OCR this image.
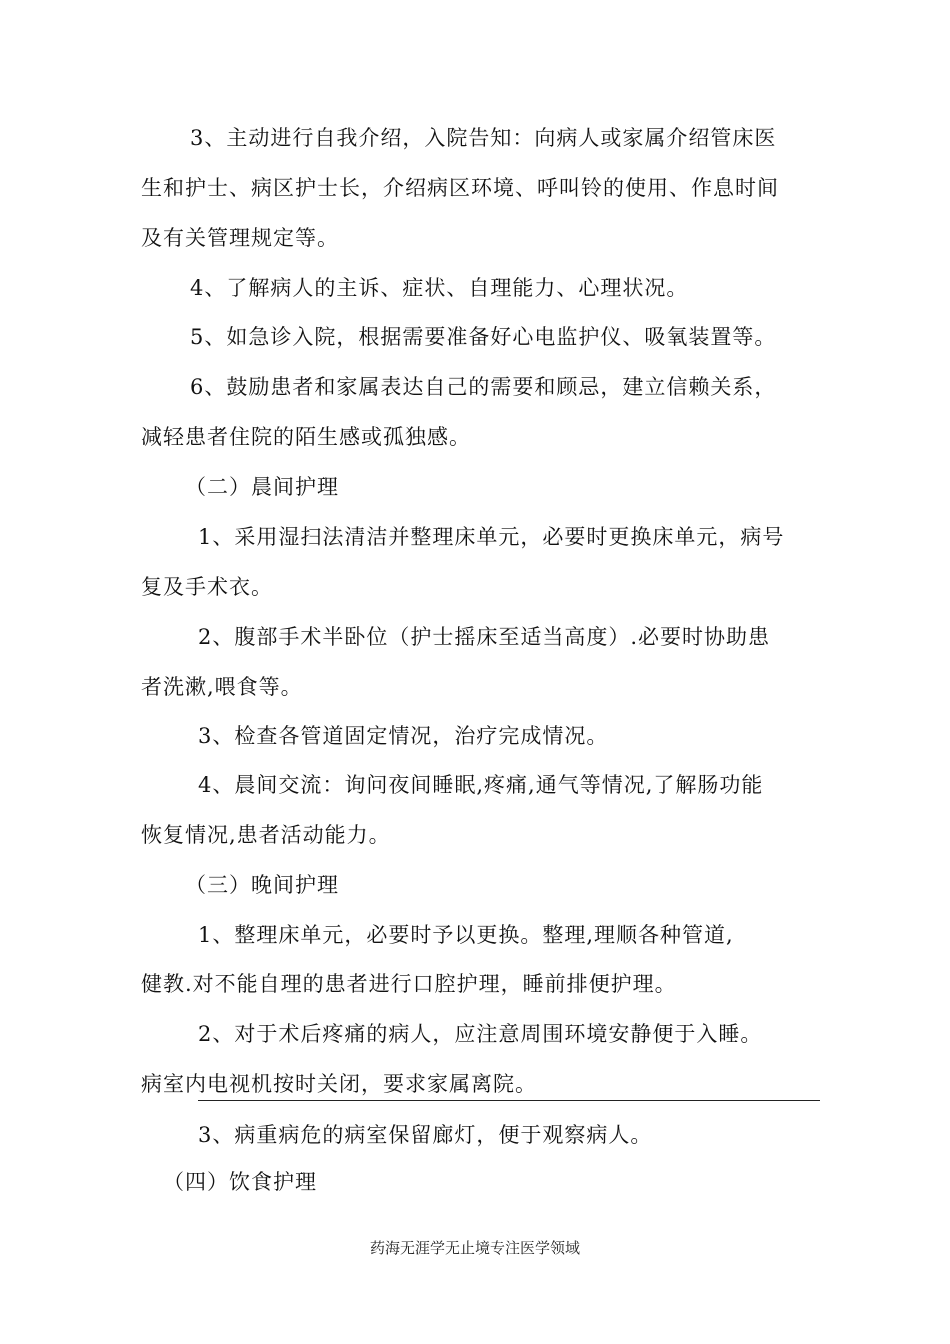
3、主动进行自我介绍，入院告知：向病人或家属介绍管床医
生和护士、病区护士长，介绍病区环境、呼叫铃的使用、作息时间
及有关管理规定等。
4、了解病人的主诉、症状、自理能力、心理状况。
5、如急诊入院，根据需要准备好心电监护仪、吸氧装置等。
6、鼓励患者和家属表达自己的需要和顾忌，建立信赖关系，
减轻患者住院的陌生感或孤独感。
（二）晨间护理
1、采用湿扫法清洁并整理床单元，必要时更换床单元，病号
复及手术衣。
2、腹部手术半卧位（护士摇床至适当高度）.必要时协助患
者洗漱,喂食等。
3、检查各管道固定情况，治疗完成情况。
4、晨间交流：询问夜间睡眠,疼痛,通气等情况,了解肠功能
恢复情况,患者活动能力。
（三）晚间护理
1、整理床单元，必要时予以更换。整理,理顺各种管道,
健教.对不能自理的患者进行口腔护理，睡前排便护理。
2、对于术后疼痛的病人，应注意周围环境安静便于入睡。
病室内电视机按时关闭，要求家属离院。
3、病重病危的病室保留廊灯，便于观察病人。
（四）饮食护理
药海无涯学无止境专注医学领域
